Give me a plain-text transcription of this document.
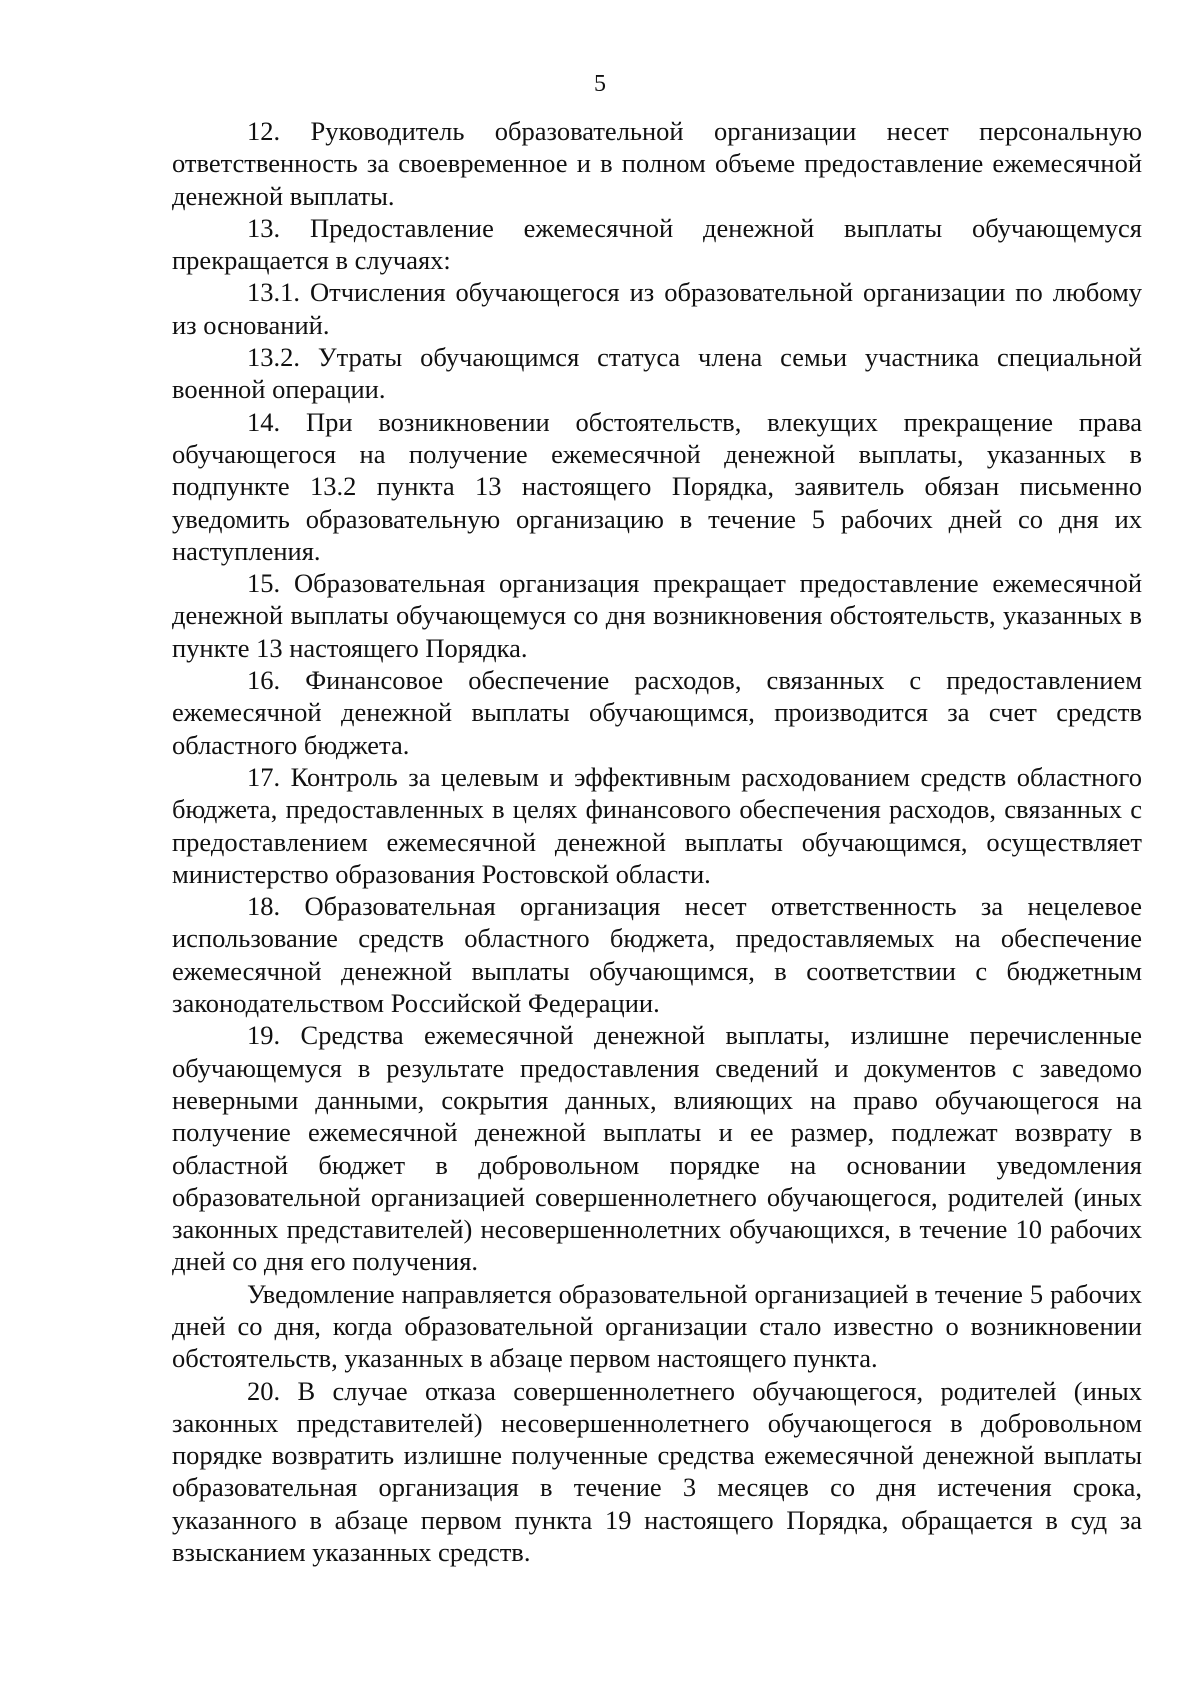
5

12. Руководитель образовательной организации несет персональную ответственность за своевременное и в полном объеме предоставление ежемесячной денежной выплаты.

13. Предоставление ежемесячной денежной выплаты обучающемуся прекращается в случаях:

13.1. Отчисления обучающегося из образовательной организации по любому из оснований.

13.2. Утраты обучающимся статуса члена семьи участника специальной военной операции.

14. При возникновении обстоятельств, влекущих прекращение права обучающегося на получение ежемесячной денежной выплаты, указанных в подпункте 13.2 пункта 13 настоящего Порядка, заявитель обязан письменно уведомить образовательную организацию в течение 5 рабочих дней со дня их наступления.

15. Образовательная организация прекращает предоставление ежемесячной денежной выплаты обучающемуся со дня возникновения обстоятельств, указанных в пункте 13 настоящего Порядка.

16. Финансовое обеспечение расходов, связанных с предоставлением ежемесячной денежной выплаты обучающимся, производится за счет средств областного бюджета.

17. Контроль за целевым и эффективным расходованием средств областного бюджета, предоставленных в целях финансового обеспечения расходов, связанных с предоставлением ежемесячной денежной выплаты обучающимся, осуществляет министерство образования Ростовской области.

18. Образовательная организация несет ответственность за нецелевое использование средств областного бюджета, предоставляемых на обеспечение ежемесячной денежной выплаты обучающимся, в соответствии с бюджетным законодательством Российской Федерации.

19. Средства ежемесячной денежной выплаты, излишне перечисленные обучающемуся в результате предоставления сведений и документов с заведомо неверными данными, сокрытия данных, влияющих на право обучающегося на получение ежемесячной денежной выплаты и ее размер, подлежат возврату в областной бюджет в добровольном порядке на основании уведомления образовательной организацией совершеннолетнего обучающегося, родителей (иных законных представителей) несовершеннолетних обучающихся, в течение 10 рабочих дней со дня его получения.

Уведомление направляется образовательной организацией в течение 5 рабочих дней со дня, когда образовательной организации стало известно о возникновении обстоятельств, указанных в абзаце первом настоящего пункта.

20. В случае отказа совершеннолетнего обучающегося, родителей (иных законных представителей) несовершеннолетнего обучающегося в добровольном порядке возвратить излишне полученные средства ежемесячной денежной выплаты образовательная организация в течение 3 месяцев со дня истечения срока, указанного в абзаце первом пункта 19 настоящего Порядка, обращается в суд за взысканием указанных средств.
